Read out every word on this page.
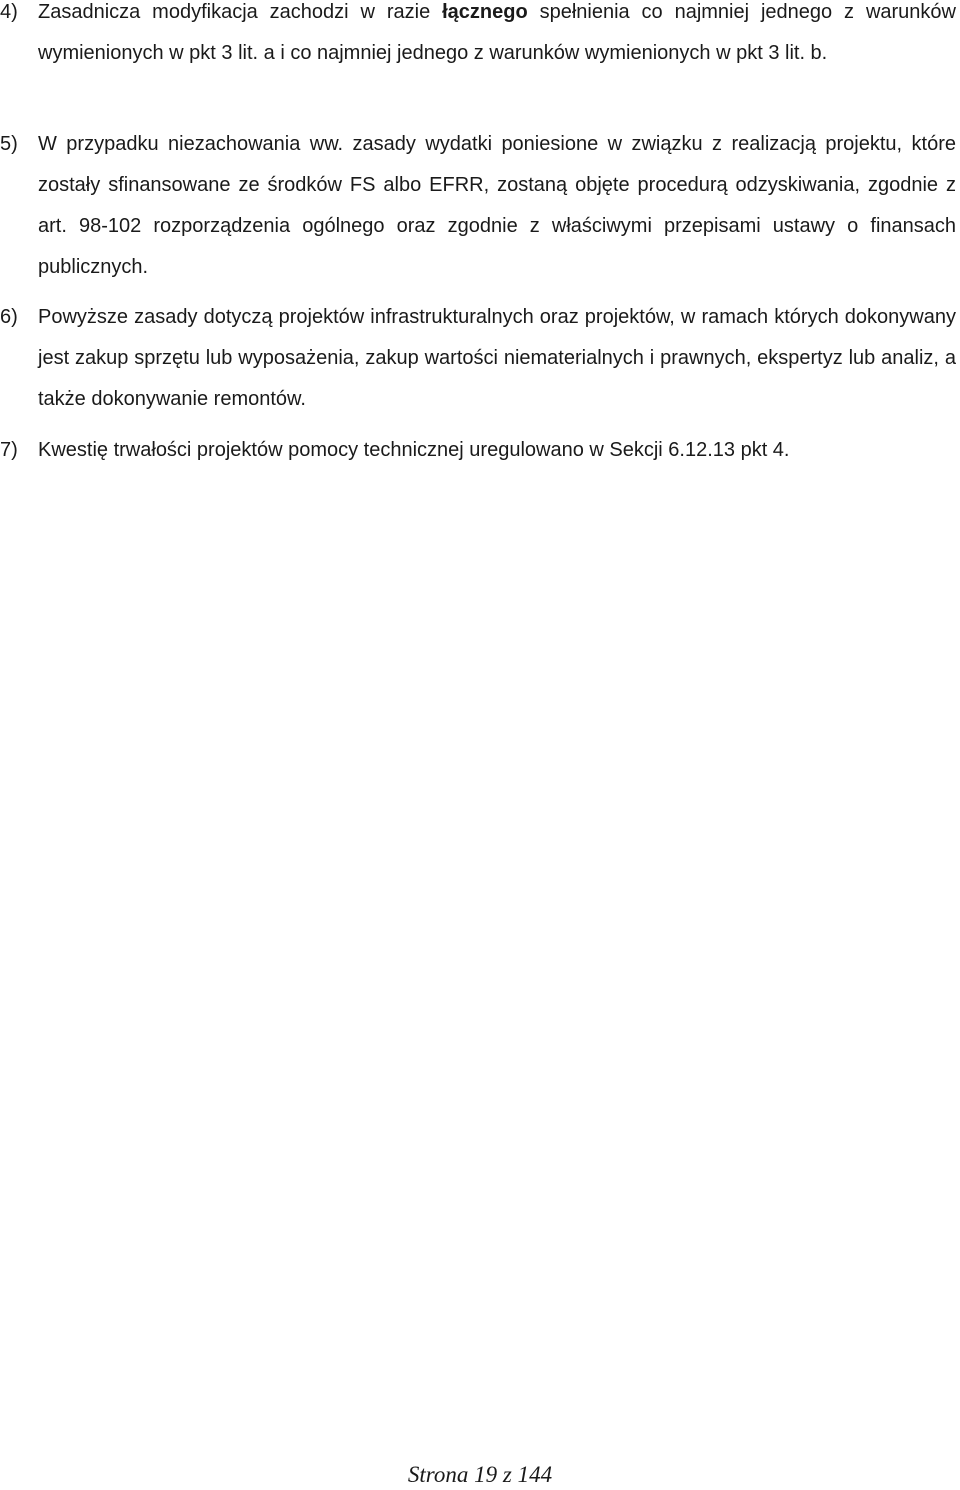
4) Zasadnicza modyfikacja zachodzi w razie łącznego spełnienia co najmniej jednego z warunków wymienionych w pkt 3 lit. a i co najmniej jednego z warunków wymienionych w pkt 3 lit. b.
5) W przypadku niezachowania ww. zasady wydatki poniesione w związku z realizacją projektu, które zostały sfinansowane ze środków FS albo EFRR, zostaną objęte procedurą odzyskiwania, zgodnie z art. 98-102 rozporządzenia ogólnego oraz zgodnie z właściwymi przepisami ustawy o finansach publicznych.
6) Powyższe zasady dotyczą projektów infrastrukturalnych oraz projektów, w ramach których dokonywany jest zakup sprzętu lub wyposażenia, zakup wartości niematerialnych i prawnych, ekspertyz lub analiz, a także dokonywanie remontów.
7) Kwestię trwałości projektów pomocy technicznej uregulowano w Sekcji 6.12.13 pkt 4.
Strona 19 z 144
